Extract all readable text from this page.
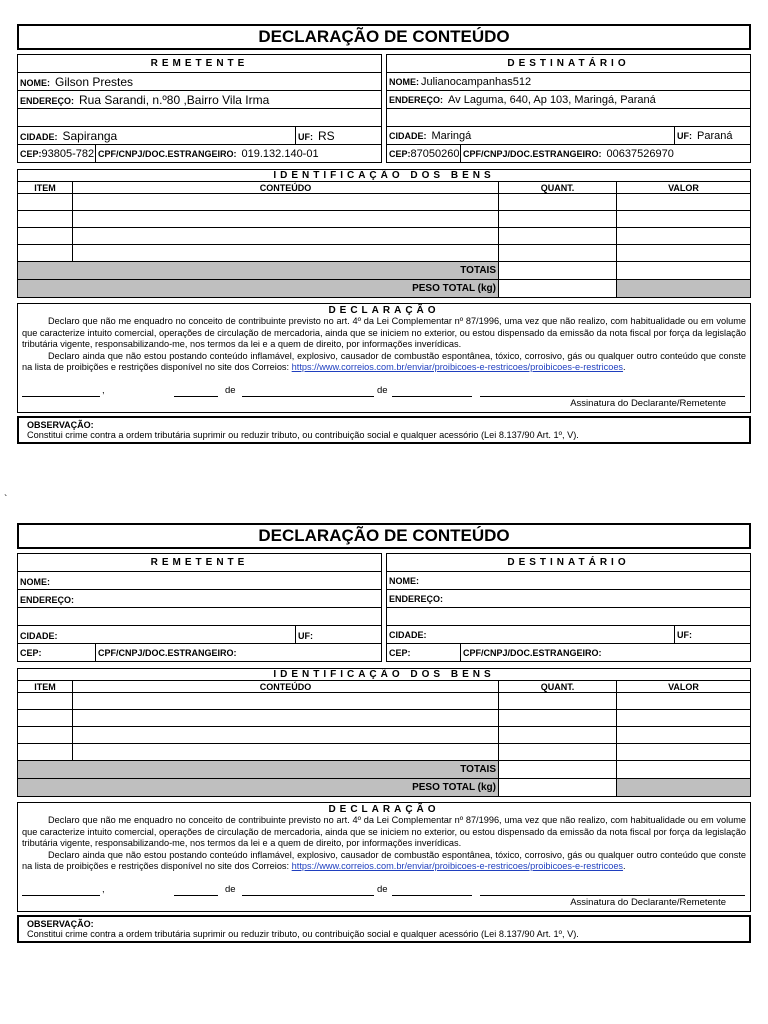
DECLARAÇÃO DE CONTEÚDO
REMETENTE		
NOME: Gilson Prestes		
ENDEREÇO: Rua Sarandi, n.º80 ,Bairro Vila Irma		

CIDADE: Sapiranga		UF: RS
CEP:93805-782	CPF/CNPJ/DOC.ESTRANGEIRO: 019.132.140-01	
DESTINATÁRIO		
NOME: Julianocampanhas512		
ENDEREÇO: Av Laguma, 640, Ap 103, Maringá, Paraná		

CIDADE: Maringá		UF: Paraná
CEP:87050260	CPF/CNPJ/DOC.ESTRANGEIRO: 00637526970	
IDENTIFICAÇÃO DOS BENS			
ITEM	CONTEÚDO	QUANT.	VALOR

TOTAIS			
PESO TOTAL (kg)			
DECLARAÇÃO

Declaro que não me enquadro no conceito de contribuinte previsto no art. 4º da Lei Complementar nº 87/1996, uma vez que não realizo, com habitualidade ou em volume que caracterize intuito comercial, operações de circulação de mercadoria, ainda que se iniciem no exterior, ou estou dispensado da emissão da nota fiscal por força da legislação tributária vigente, responsabilizando-me, nos termos da lei e a quem de direito, por informações inverídicas.

Declaro ainda que não estou postando conteúdo inflamável, explosivo, causador de combustão espontânea, tóxico, corrosivo, gás ou qualquer outro conteúdo que conste na lista de proibições e restrições disponível no site dos Correios: https://www.correios.com.br/enviar/proibicoes-e-restricoes/proibicoes-e-restricoes.

,	de	de
Assinatura do Declarante/Remetente
OBSERVAÇÃO:
Constitui crime contra a ordem tributária suprimir ou reduzir tributo, ou contribuição social e qualquer acessório (Lei 8.137/90 Art. 1º, V).
DECLARAÇÃO DE CONTEÚDO
REMETENTE		
NOME:		
ENDEREÇO:		

CIDADE:		UF:
CEP:	CPF/CNPJ/DOC.ESTRANGEIRO:	
DESTINATÁRIO		
NOME:		
ENDEREÇO:		

CIDADE:		UF:
CEP:	CPF/CNPJ/DOC.ESTRANGEIRO:	
IDENTIFICAÇÃO DOS BENS			
ITEM	CONTEÚDO	QUANT.	VALOR

TOTAIS			
PESO TOTAL (kg)			
DECLARAÇÃO

Declaro que não me enquadro no conceito de contribuinte previsto no art. 4º da Lei Complementar nº 87/1996, uma vez que não realizo, com habitualidade ou em volume que caracterize intuito comercial, operações de circulação de mercadoria, ainda que se iniciem no exterior, ou estou dispensado da emissão da nota fiscal por força da legislação tributária vigente, responsabilizando-me, nos termos da lei e a quem de direito, por informações inverídicas.

Declaro ainda que não estou postando conteúdo inflamável, explosivo, causador de combustão espontânea, tóxico, corrosivo, gás ou qualquer outro conteúdo que conste na lista de proibições e restrições disponível no site dos Correios: https://www.correios.com.br/enviar/proibicoes-e-restricoes/proibicoes-e-restricoes.

,	de	de
Assinatura do Declarante/Remetente
OBSERVAÇÃO:
Constitui crime contra a ordem tributária suprimir ou reduzir tributo, ou contribuição social e qualquer acessório (Lei 8.137/90 Art. 1º, V).
`
